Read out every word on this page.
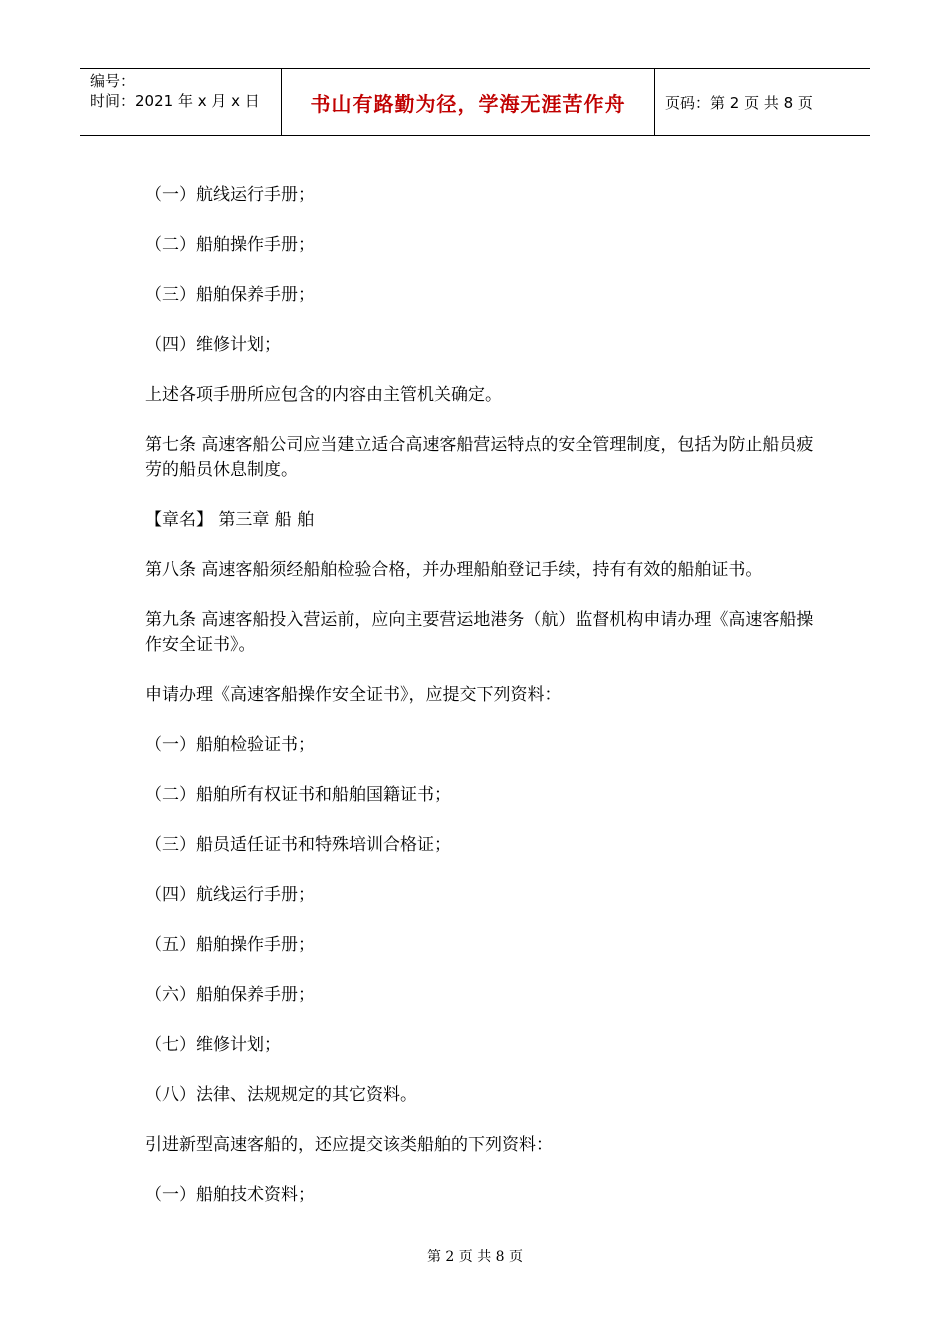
编号：
时间：2021 年 x 月 x 日	书山有路勤为径，学海无涯苦作舟	页码：第 2 页 共 8 页

（一）航线运行手册；

（二）船舶操作手册；

（三）船舶保养手册；

（四）维修计划；

上述各项手册所应包含的内容由主管机关确定。

第七条 高速客船公司应当建立适合高速客船营运特点的安全管理制度，包括为防止船员疲劳的船员休息制度。

【章名】 第三章 船 舶

第八条 高速客船须经船舶检验合格，并办理船舶登记手续，持有有效的船舶证书。

第九条 高速客船投入营运前，应向主要营运地港务（航）监督机构申请办理《高速客船操作安全证书》。

申请办理《高速客船操作安全证书》，应提交下列资料：

（一）船舶检验证书；

（二）船舶所有权证书和船舶国籍证书；

（三）船员适任证书和特殊培训合格证；

（四）航线运行手册；

（五）船舶操作手册；

（六）船舶保养手册；

（七）维修计划；

（八）法律、法规规定的其它资料。

引进新型高速客船的，还应提交该类船舶的下列资料：

（一）船舶技术资料；

第 2 页 共 8 页
